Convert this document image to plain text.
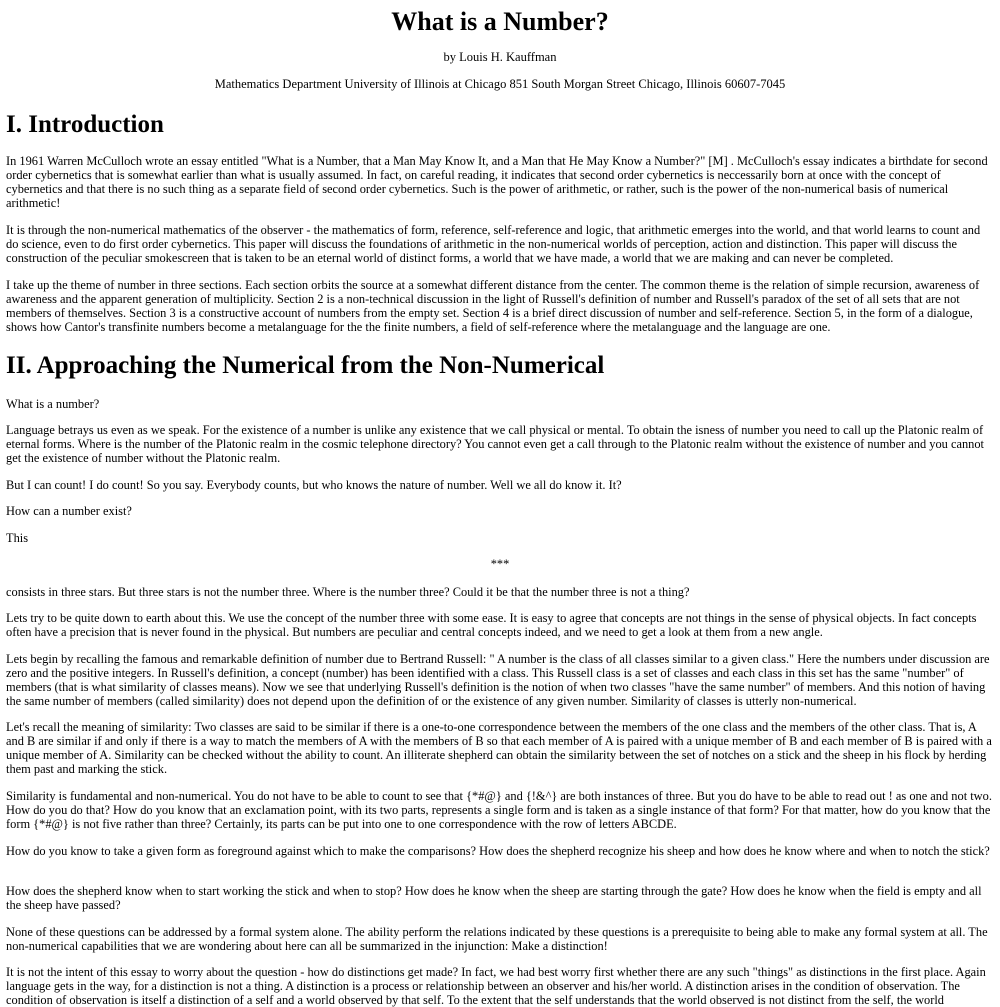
What is a Number?
by Louis H. Kauffman
Mathematics Department University of Illinois at Chicago 851 South Morgan Street Chicago, Illinois 60607-7045
I. Introduction

In 1961 Warren McCulloch wrote an essay entitled "What is a Number, that a Man May Know It, and a Man that He May Know a Number?" [M] . McCulloch's essay indicates a birthdate for second order cybernetics that is somewhat earlier than what is usually assumed. In fact, on careful reading, it indicates that second order cybernetics is neccessarily born at once with the concept of cybernetics and that there is no such thing as a separate field of second order cybernetics. Such is the power of arithmetic, or rather, such is the power of the non-numerical basis of numerical arithmetic!

It is through the non-numerical mathematics of the observer - the mathematics of form, reference, self-reference and logic, that arithmetic emerges into the world, and that world learns to count and do science, even to do first order cybernetics. This paper will discuss the foundations of arithmetic in the non-numerical worlds of perception, action and distinction. This paper will discuss the construction of the peculiar smokescreen that is taken to be an eternal world of distinct forms, a world that we have made, a world that we are making and can never be completed.

I take up the theme of number in three sections. Each section orbits the source at a somewhat different distance from the center. The common theme is the relation of simple recursion, awareness of awareness and the apparent generation of multiplicity. Section 2 is a non-technical discussion in the light of Russell's definition of number and Russell's paradox of the set of all sets that are not members of themselves. Section 3 is a constructive account of numbers from the empty set. Section 4 is a brief direct discussion of number and self-reference. Section 5, in the form of a dialogue, shows how Cantor's transfinite numbers become a metalanguage for the the finite numbers, a field of self-reference where the metalanguage and the language are one.

II. Approaching the Numerical from the Non-Numerical

What is a number?

Language betrays us even as we speak. For the existence of a number is unlike any existence that we call physical or mental. To obtain the isness of number you need to call up the Platonic realm of eternal forms. Where is the number of the Platonic realm in the cosmic telephone directory? You cannot even get a call through to the Platonic realm without the existence of number and you cannot get the existence of number without the Platonic realm.

But I can count! I do count! So you say. Everybody counts, but who knows the nature of number. Well we all do know it. It?

How can a number exist?

This

***

consists in three stars. But three stars is not the number three. Where is the number three? Could it be that the number three is not a thing?

Lets try to be quite down to earth about this. We use the concept of the number three with some ease. It is easy to agree that concepts are not things in the sense of physical objects. In fact concepts often have a precision that is never found in the physical. But numbers are peculiar and central concepts indeed, and we need to get a look at them from a new angle.

Lets begin by recalling the famous and remarkable definition of number due to Bertrand Russell: " A number is the class of all classes similar to a given class." Here the numbers under discussion are zero and the positive integers. In Russell's definition, a concept (number) has been identified with a class. This Russell class is a set of classes and each class in this set has the same "number" of members (that is what similarity of classes means). Now we see that underlying Russell's definition is the notion of when two classes "have the same number" of members. And this notion of having the same number of members (called similarity) does not depend upon the definition of or the existence of any given number. Similarity of classes is utterly non-numerical.

Let's recall the meaning of similarity: Two classes are said to be similar if there is a one-to-one correspondence between the members of the one class and the members of the other class. That is, A and B are similar if and only if there is a way to match the members of A with the members of B so that each member of A is paired with a unique member of B and each member of B is paired with a unique member of A. Similarity can be checked without the ability to count. An illiterate shepherd can obtain the similarity between the set of notches on a stick and the sheep in his flock by herding them past and marking the stick.

Similarity is fundamental and non-numerical. You do not have to be able to count to see that {*#@} and {!&^} are both instances of three. But you do have to be able to read out ! as one and not two. How do you do that? How do you know that an exclamation point, with its two parts, represents a single form and is taken as a single instance of that form? For that matter, how do you know that the form {*#@} is not five rather than three? Certainly, its parts can be put into one to one correspondence with the row of letters ABCDE.

How do you know to take a given form as foreground against which to make the comparisons? How does the shepherd recognize his sheep and how does he know where and when to notch the stick?

How does the shepherd know when to start working the stick and when to stop? How does he know when the sheep are starting through the gate? How does he know when the field is empty and all the sheep have passed?

None of these questions can be addressed by a formal system alone. The ability perform the relations indicated by these questions is a prerequisite to being able to make any formal system at all. The non-numerical capabilities that we are wondering about here can all be summarized in the injunction: Make a distinction!

It is not the intent of this essay to worry about the question - how do distinctions get made? In fact, we had best worry first whether there are any such "things" as distinctions in the first place. Again language gets in the way, for a distinction is not a thing. A distinction is a process or relationship between an observer and his/her world. A distinction arises in the condition of observation. The condition of observation is itself a distinction of a self and a world observed by that self. To the extent that the self understands that the world observed is not distinct from the self, the world
